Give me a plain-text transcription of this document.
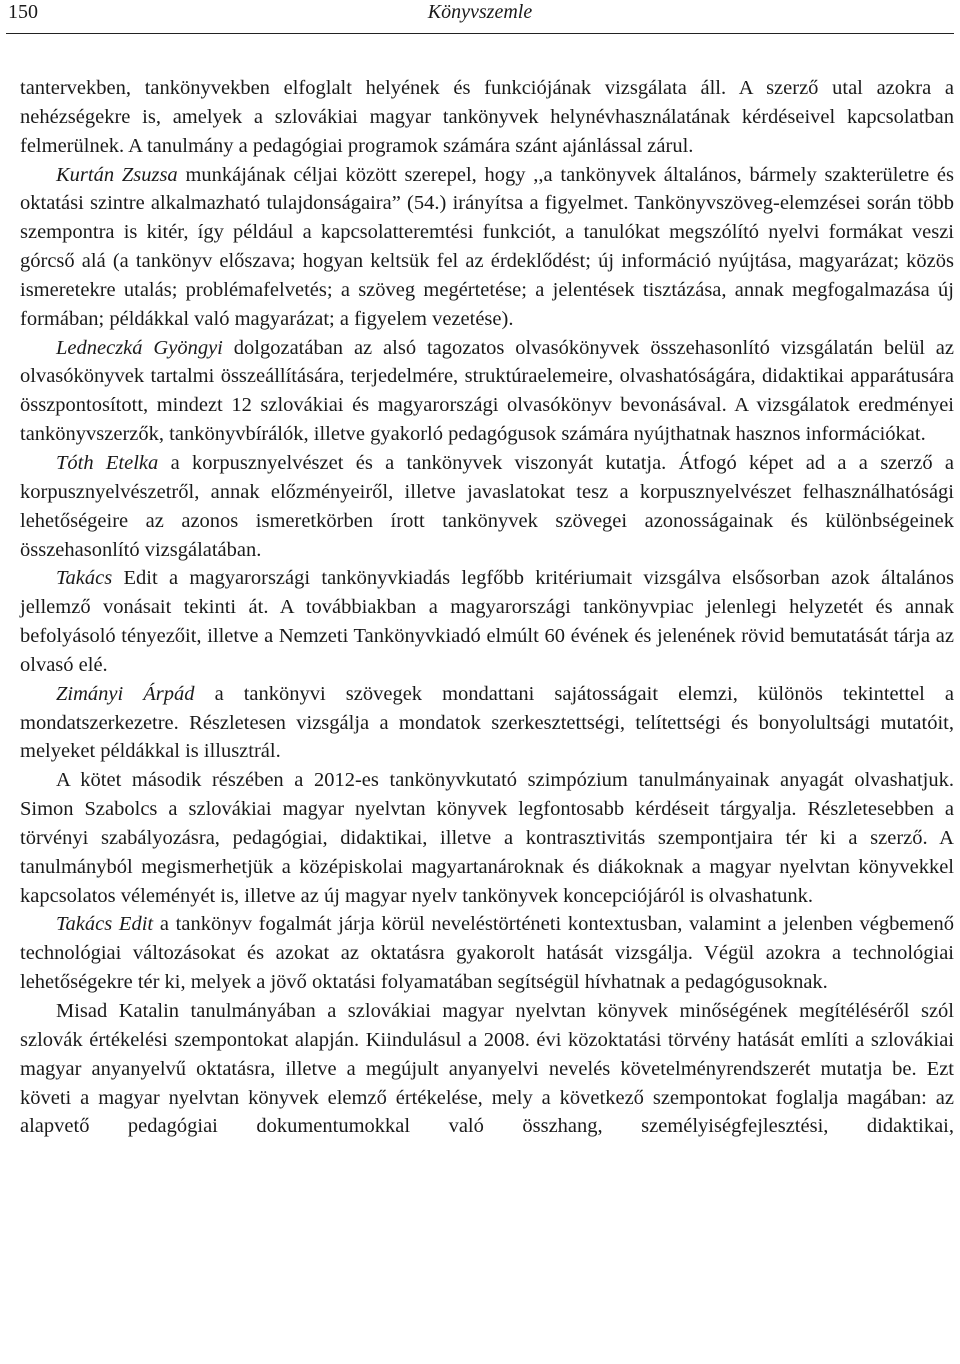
150	Könyvszemle

tantervekben, tankönyvekben elfoglalt helyének és funkciójának vizsgálata áll. A szerző utal azokra a nehézségekre is, amelyek a szlovákiai magyar tankönyvek helynévhasználatának kérdéseivel kapcsolatban felmerülnek. A tanulmány a pedagógiai programok számára szánt ajánlással zárul.

Kurtán Zsuzsa munkájának céljai között szerepel, hogy ,,a tankönyvek általános, bármely szakterületre és oktatási szintre alkalmazható tulajdonságaira” (54.) irányítsa a figyelmet. Tankönyvszöveg-elemzései során több szempontra is kitér, így például a kapcsolatteremtési funkciót, a tanulókat megszólító nyelvi formákat veszi górcső alá (a tankönyv előszava; hogyan keltsük fel az érdeklődést; új információ nyújtása, magyarázat; közös ismeretekre utalás; problémafelvetés; a szöveg megértetése; a jelentések tisztázása, annak megfogalmazása új formában; példákkal való magyarázat; a figyelem vezetése).

Ledneczká Gyöngyi dolgozatában az alsó tagozatos olvasókönyvek összehasonlító vizsgálatán belül az olvasókönyvek tartalmi összeállítására, terjedelmére, struktúraelemeire, olvashatóságára, didaktikai apparátusára összpontosított, mindezt 12 szlovákiai és magyarországi olvasókönyv bevonásával. A vizsgálatok eredményei tankönyvszerzők, tankönyvbírálók, illetve gyakorló pedagógusok számára nyújthatnak hasznos információkat.

Tóth Etelka a korpusznyelvészet és a tankönyvek viszonyát kutatja. Átfogó képet ad a a szerző a korpusznyelvészetről, annak előzményeiről, illetve javaslatokat tesz a korpusznyelvészet felhasználhatósági lehetőségeire az azonos ismeretkörben írott tankönyvek szövegei azonosságainak és különbségeinek összehasonlító vizsgálatában.

Takács Edit a magyarországi tankönyvkiadás legfőbb kritériumait vizsgálva elsősorban azok általános jellemző vonásait tekinti át. A továbbiakban a magyarországi tankönyvpiac jelenlegi helyzetét és annak befolyásoló tényezőit, illetve a Nemzeti Tankönyvkiadó elmúlt 60 évének és jelenének rövid bemutatását tárja az olvasó elé.

Zimányi Árpád a tankönyvi szövegek mondattani sajátosságait elemzi, különös tekintettel a mondatszerkezetre. Részletesen vizsgálja a mondatok szerkesztettségi, telítettségi és bonyolultsági mutatóit, melyeket példákkal is illusztrál.

A kötet második részében a 2012-es tankönyvkutató szimpózium tanulmányainak anyagát olvashatjuk. Simon Szabolcs a szlovákiai magyar nyelvtan könyvek legfontosabb kérdéseit tárgyalja. Részletesebben a törvényi szabályozásra, pedagógiai, didaktikai, illetve a kontrasztivitás szempontjaira tér ki a szerző. A tanulmányból megismerhetjük a középiskolai magyartanároknak és diákoknak a magyar nyelvtan könyvekkel kapcsolatos véleményét is, illetve az új magyar nyelv tankönyvek koncepciójáról is olvashatunk.

Takács Edit a tankönyv fogalmát járja körül neveléstörténeti kontextusban, valamint a jelenben végbemenő technológiai változásokat és azokat az oktatásra gyakorolt hatását vizsgálja. Végül azokra a technológiai lehetőségekre tér ki, melyek a jövő oktatási folyamatában segítségül hívhatnak a pedagógusoknak.

Misad Katalin tanulmányában a szlovákiai magyar nyelvtan könyvek minőségének megítéléséről szól szlovák értékelési szempontokat alapján. Kiindulásul a 2008. évi közoktatási törvény hatását említi a szlovákiai magyar anyanyelvű oktatásra, illetve a megújult anyanyelvi nevelés követelményrendszerét mutatja be. Ezt követi a magyar nyelvtan könyvek elemző értékelése, mely a következő szempontokat foglalja magában: az alapvető pedagógiai dokumentumokkal való összhang, személyiségfejlesztési, didaktikai,
